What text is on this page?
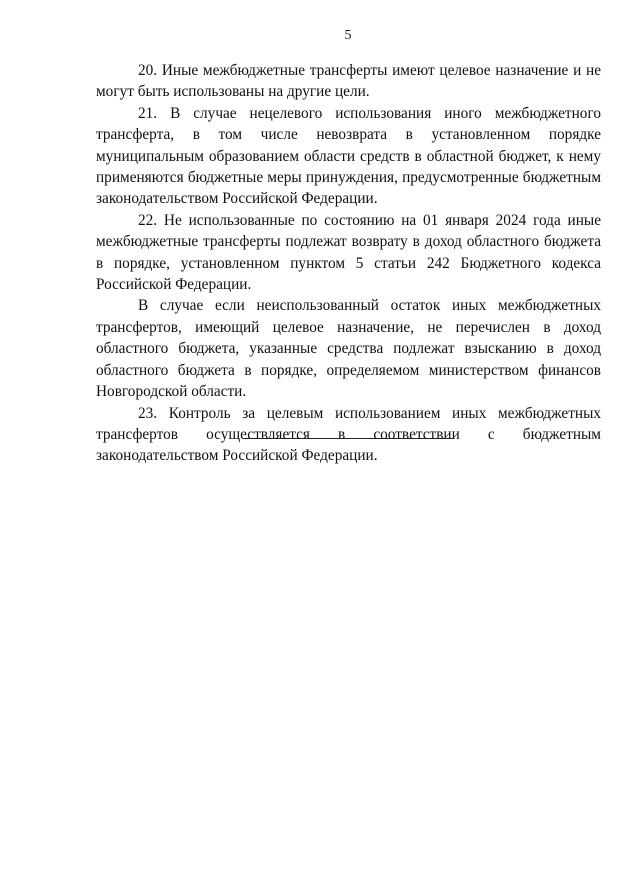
5

20. Иные межбюджетные трансферты имеют целевое назначение и не могут быть использованы на другие цели.

21. В случае нецелевого использования иного межбюджетного трансферта, в том числе невозврата в установленном порядке муниципальным образованием области средств в областной бюджет, к нему применяются бюджетные меры принуждения, предусмотренные бюджетным законодательством Российской Федерации.

22. Не использованные по состоянию на 01 января 2024 года иные межбюджетные трансферты подлежат возврату в доход областного бюджета в порядке, установленном пунктом 5 статьи 242 Бюджетного кодекса Российской Федерации.

В случае если неиспользованный остаток иных межбюджетных трансфертов, имеющий целевое назначение, не перечислен в доход областного бюджета, указанные средства подлежат взысканию в доход областного бюджета в порядке, определяемом министерством финансов Новгородской области.

23. Контроль за целевым использованием иных межбюджетных трансфертов осуществляется в соответствии с бюджетным законодательством Российской Федерации.
